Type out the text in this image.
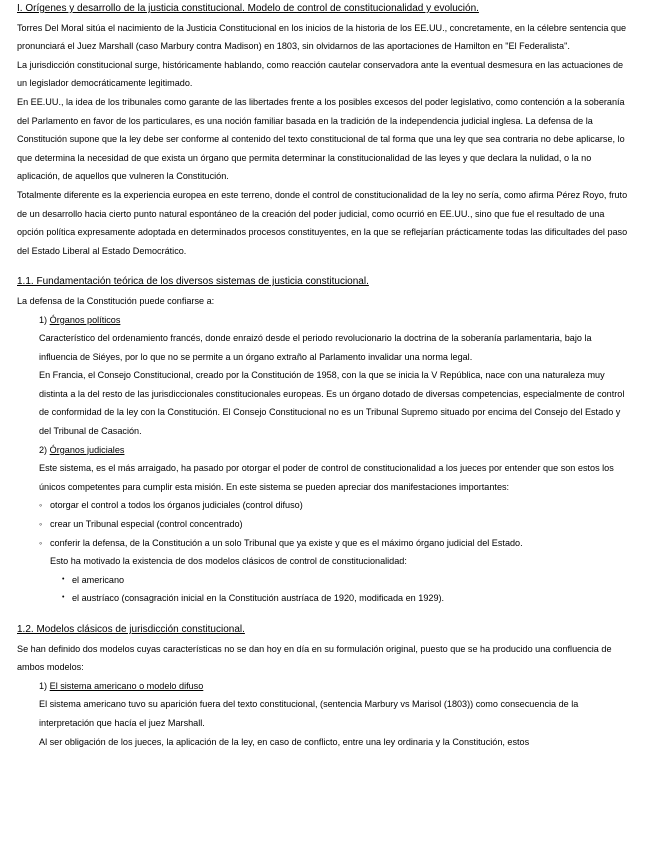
I. Orígenes y desarrollo de la justicia constitucional. Modelo de control de constitucionalidad y evolución.

Torres Del Moral sitúa el nacimiento de la Justicia Constitucional en los inicios de la historia de los EE.UU., concretamente, en la célebre sentencia que pronunciará el Juez Marshall (caso Marbury contra Madison) en 1803, sin olvidarnos de las aportaciones de Hamilton en "El Federalista".

La jurisdicción constitucional surge, históricamente hablando, como reacción cautelar conservadora ante la eventual desmesura en las actuaciones de un legislador democráticamente legitimado.

En EE.UU., la idea de los tribunales como garante de las libertades frente a los posibles excesos del poder legislativo, como contención a la soberanía del Parlamento en favor de los particulares, es una noción familiar basada en la tradición de la independencia judicial inglesa. La defensa de la Constitución supone que la ley debe ser conforme al contenido del texto constitucional de tal forma que una ley que sea contraria no debe aplicarse, lo que determina la necesidad de que exista un órgano que permita determinar la constitucionalidad de las leyes y que declara la nulidad, o la no aplicación, de aquellos que vulneren la Constitución.

Totalmente diferente es la experiencia europea en este terreno, donde el control de constitucionalidad de la ley no sería, como afirma Pérez Royo, fruto de un desarrollo hacia cierto punto natural espontáneo de la creación del poder judicial, como ocurrió en EE.UU., sino que fue el resultado de una opción política expresamente adoptada en determinados procesos constituyentes, en la que se reflejarían prácticamente todas las dificultades del paso del Estado Liberal al Estado Democrático.

1.1. Fundamentación teórica de los diversos sistemas de justicia constitucional.

La defensa de la Constitución puede confiarse a:

1) Órganos políticos

Característico del ordenamiento francés, donde enraizó desde el periodo revolucionario la doctrina de la soberanía parlamentaria, bajo la influencia de Siéyes, por lo que no se permite a un órgano extraño al Parlamento invalidar una norma legal.

En Francia, el Consejo Constitucional, creado por la Constitución de 1958, con la que se inicia la V República, nace con una naturaleza muy distinta a la del resto de las jurisdiccionales constitucionales europeas. Es un órgano dotado de diversas competencias, especialmente de control de conformidad de la ley con la Constitución. El Consejo Constitucional no es un Tribunal Supremo situado por encima del Consejo del Estado y del Tribunal de Casación.

2) Órganos judiciales

Este sistema, es el más arraigado, ha pasado por otorgar el poder de control de constitucionalidad a los jueces por entender que son estos los únicos competentes para cumplir esta misión. En este sistema se pueden apreciar dos manifestaciones importantes:

◦ otorgar el control a todos los órganos judiciales (control difuso)
◦ crear un Tribunal especial (control concentrado)
◦ conferir la defensa, de la Constitución a un solo Tribunal que ya existe y que es el máximo órgano judicial del Estado.

Esto ha motivado la existencia de dos modelos clásicos de control de constitucionalidad:

• el americano
• el austríaco (consagración inicial en la Constitución austríaca de 1920, modificada en 1929).

1.2. Modelos clásicos de jurisdicción constitucional.

Se han definido dos modelos cuyas características no se dan hoy en día en su formulación original, puesto que se ha producido una confluencia de ambos modelos:

1) El sistema americano o modelo difuso

El sistema americano tuvo su aparición fuera del texto constitucional, (sentencia Marbury vs Marisol (1803)) como consecuencia de la interpretación que hacía el juez Marshall.

Al ser obligación de los jueces, la aplicación de la ley, en caso de conflicto, entre una ley ordinaria y la Constitución, estos
